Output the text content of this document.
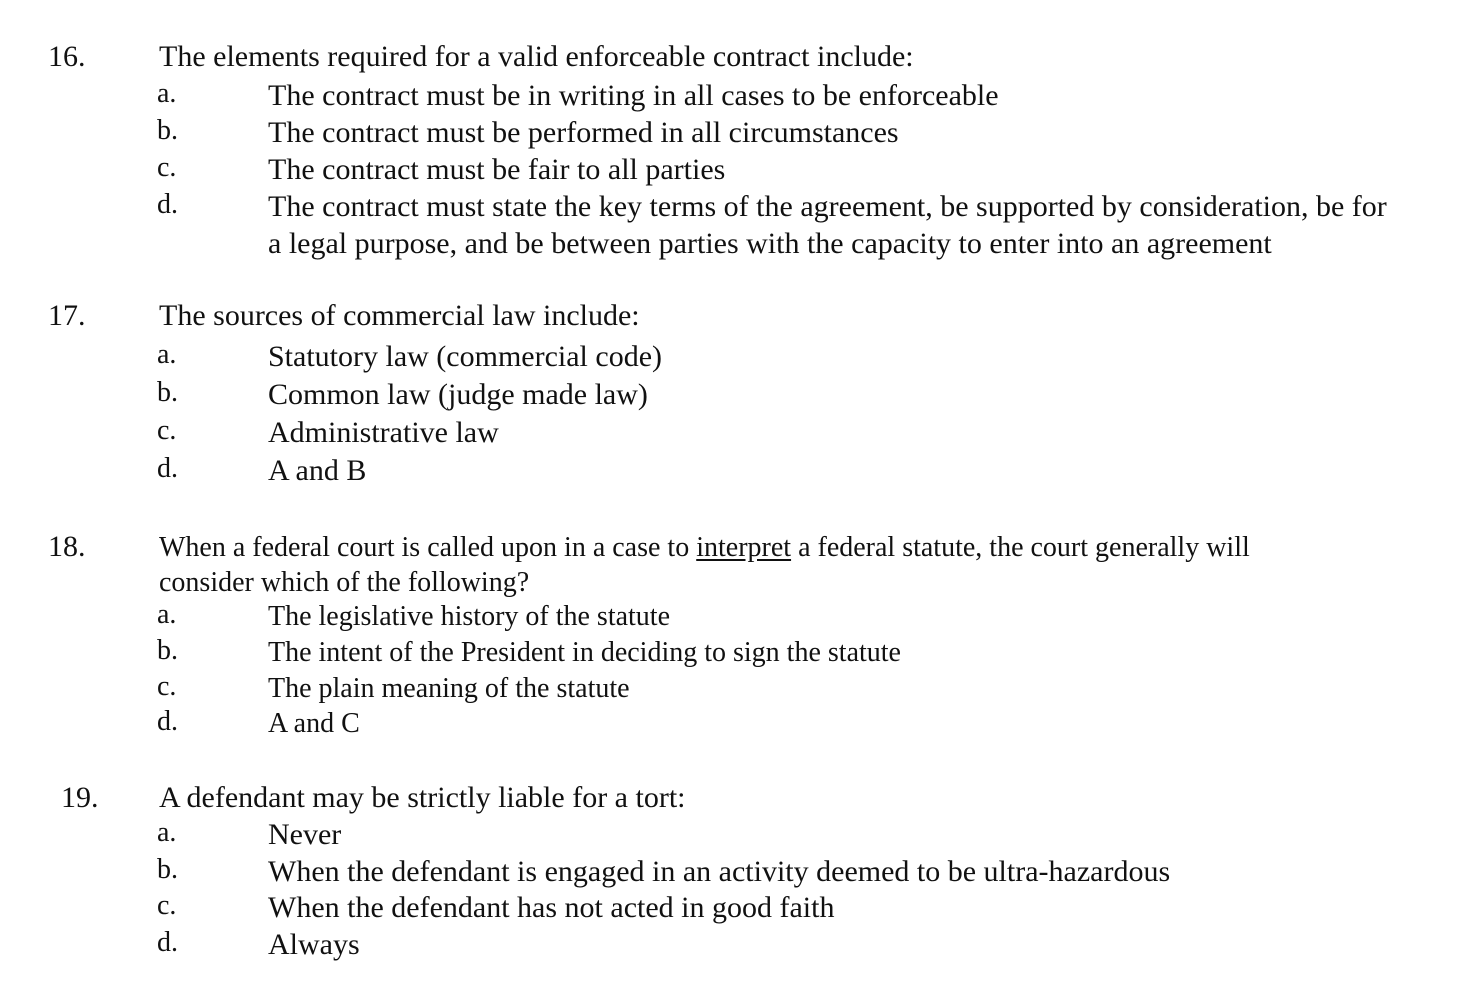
16. The elements required for a valid enforceable contract include:
a.	The contract must be in writing in all cases to be enforceable
b.	The contract must be performed in all circumstances
c.	The contract must be fair to all parties
d.	The contract must state the key terms of the agreement, be supported by consideration, be for a legal purpose, and be between parties with the capacity to enter into an agreement
17. The sources of commercial law include:
a.	Statutory law (commercial code)
b.	Common law (judge made law)
c.	Administrative law
d.	A and B
18.	When a federal court is called upon in a case to interpret a federal statute, the court generally will consider which of the following?
a.	The legislative history of the statute
b.	The intent of the President in deciding to sign the statute
c.	The plain meaning of the statute
d.	A and C
19. A defendant may be strictly liable for a tort:
a.	Never
b.	When the defendant is engaged in an activity deemed to be ultra-hazardous
c.	When the defendant has not acted in good faith
d.	Always
